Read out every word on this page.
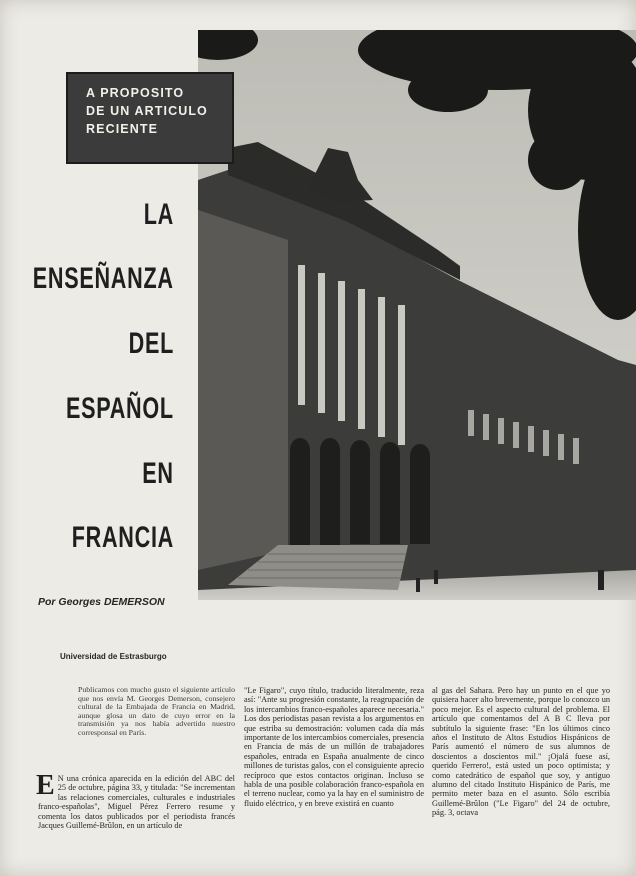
A PROPOSITO
DE UN ARTICULO
RECIENTE
LA
ENSEÑANZA
DEL
ESPAÑOL
EN
FRANCIA
Por Georges DEMERSON
Universidad de Estrasburgo
Publicamos con mucho gusto el siguiente artículo que nos envía M. Georges Demerson, consejero cultural de la Embajada de Francia en Madrid, aunque glosa un dato de cuyo error en la transmisión ya nos había advertido nuestro corresponsal en París.

E N una crónica aparecida en la edición del ABC del 25 de octubre, página 33, y titulada: "Se incrementan las relaciones comerciales, culturales e industriales franco-españolas", Miguel Pérez Ferrero resume y comenta los datos publicados por el periodista francés Jacques Guillemé-Brûlon, en un artículo de

"Le Figaro", cuyo título, traducido literalmente, reza así: "Ante su progresión constante, la reagrupación de los intercambios franco-españoles aparece necesaria." Los dos periodistas pasan revista a los argumentos en que estriba su demostración: volumen cada día más importante de los intercambios comerciales, presencia en Francia de más de un millón de trabajadores españoles, entrada en España anualmente de cinco millones de turistas galos, con el consiguiente aprecio recíproco que estos contactos originan. Incluso se habla de una posible colaboración franco-española en el terreno nuclear, como ya la hay en el suministro de fluido eléctrico, y en breve existirá en cuanto

al gas del Sahara. Pero hay un punto en el que yo quisiera hacer alto brevemente, porque lo conozco un poco mejor. Es el aspecto cultural del problema. El artículo que comentamos del A B C lleva por subtítulo la siguiente frase: "En los últimos cinco años el Instituto de Altos Estudios Hispánicos de París aumentó el número de sus alumnos de doscientos a doscientos mil." ¡Ojalá fuese así, querido Ferrero!, está usted un poco optimista; y como catedrático de español que soy, y antiguo alumno del citado Instituto Hispánico de París, me permito meter baza en el asunto. Sólo escribía Guillemé-Brûlon ("Le Figaro" del 24 de octubre, pág. 3, octava
